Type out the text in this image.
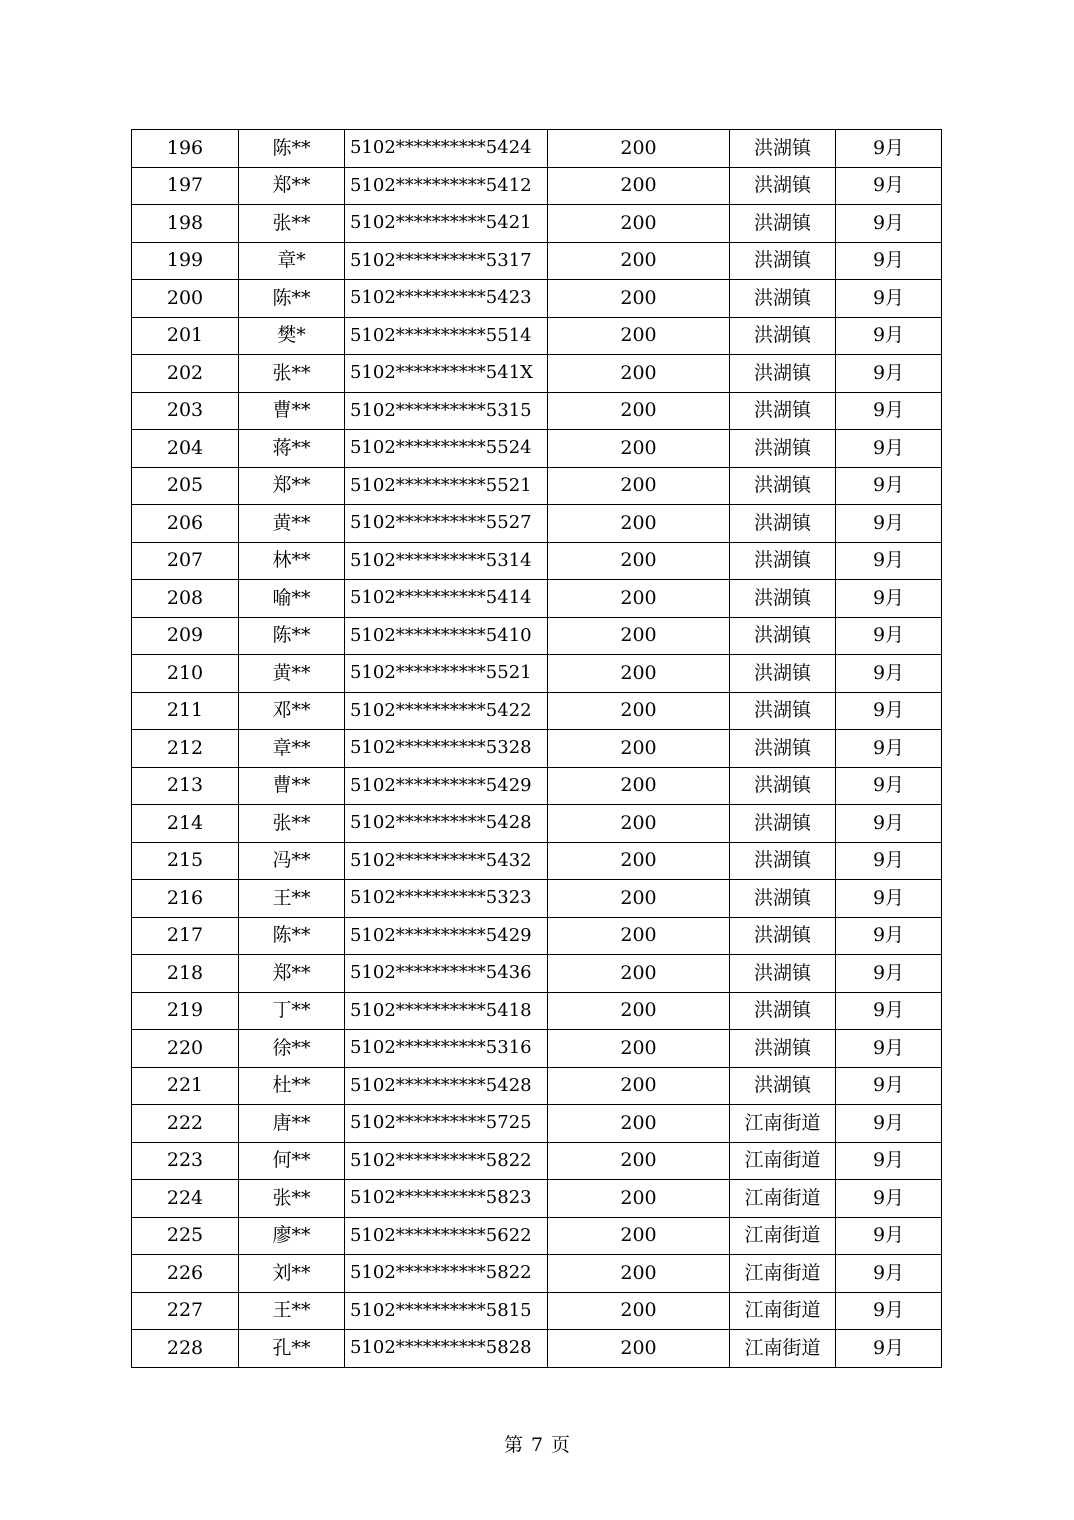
196	陈**	5102**********5424	200	洪湖镇	9月
197	郑**	5102**********5412	200	洪湖镇	9月
198	张**	5102**********5421	200	洪湖镇	9月
199	章*	5102**********5317	200	洪湖镇	9月
200	陈**	5102**********5423	200	洪湖镇	9月
201	樊*	5102**********5514	200	洪湖镇	9月
202	张**	5102**********541X	200	洪湖镇	9月
203	曹**	5102**********5315	200	洪湖镇	9月
204	蒋**	5102**********5524	200	洪湖镇	9月
205	郑**	5102**********5521	200	洪湖镇	9月
206	黄**	5102**********5527	200	洪湖镇	9月
207	林**	5102**********5314	200	洪湖镇	9月
208	喻**	5102**********5414	200	洪湖镇	9月
209	陈**	5102**********5410	200	洪湖镇	9月
210	黄**	5102**********5521	200	洪湖镇	9月
211	邓**	5102**********5422	200	洪湖镇	9月
212	章**	5102**********5328	200	洪湖镇	9月
213	曹**	5102**********5429	200	洪湖镇	9月
214	张**	5102**********5428	200	洪湖镇	9月
215	冯**	5102**********5432	200	洪湖镇	9月
216	王**	5102**********5323	200	洪湖镇	9月
217	陈**	5102**********5429	200	洪湖镇	9月
218	郑**	5102**********5436	200	洪湖镇	9月
219	丁**	5102**********5418	200	洪湖镇	9月
220	徐**	5102**********5316	200	洪湖镇	9月
221	杜**	5102**********5428	200	洪湖镇	9月
222	唐**	5102**********5725	200	江南街道	9月
223	何**	5102**********5822	200	江南街道	9月
224	张**	5102**********5823	200	江南街道	9月
225	廖**	5102**********5622	200	江南街道	9月
226	刘**	5102**********5822	200	江南街道	9月
227	王**	5102**********5815	200	江南街道	9月
228	孔**	5102**********5828	200	江南街道	9月
第 7 页
